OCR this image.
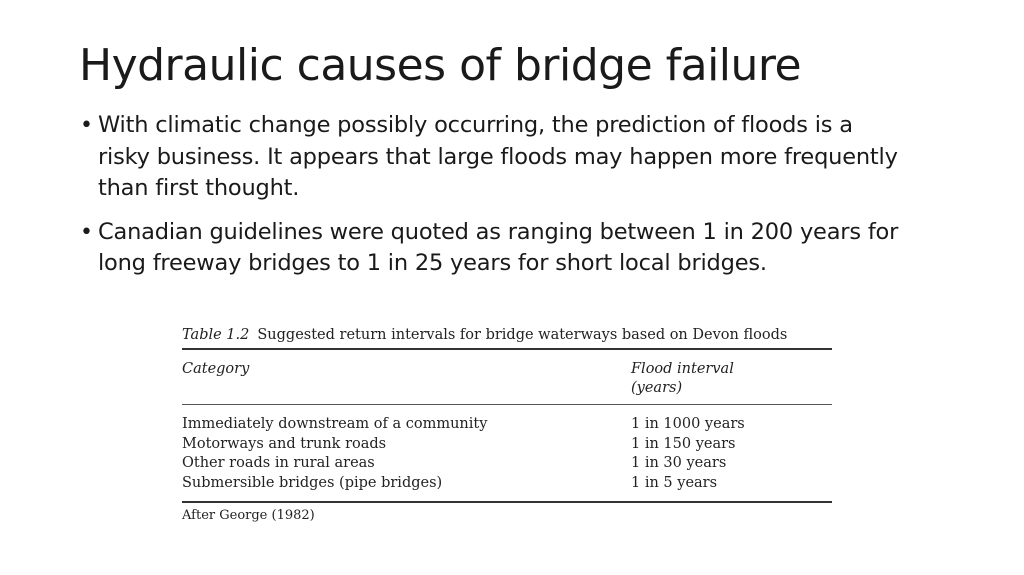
Hydraulic causes of bridge failure
• With climatic change possibly occurring, the prediction of floods is a risky business. It appears that large floods may happen more frequently than first thought.
• Canadian guidelines were quoted as ranging between 1 in 200 years for long freeway bridges to 1 in 25 years for short local bridges.
Table 1.2 Suggested return intervals for bridge waterways based on Devon floods
Category	Flood interval
(years)
Immediately downstream of a community	1 in 1000 years
Motorways and trunk roads	1 in 150 years
Other roads in rural areas	1 in 30 years
Submersible bridges (pipe bridges)	1 in 5 years
After George (1982)
